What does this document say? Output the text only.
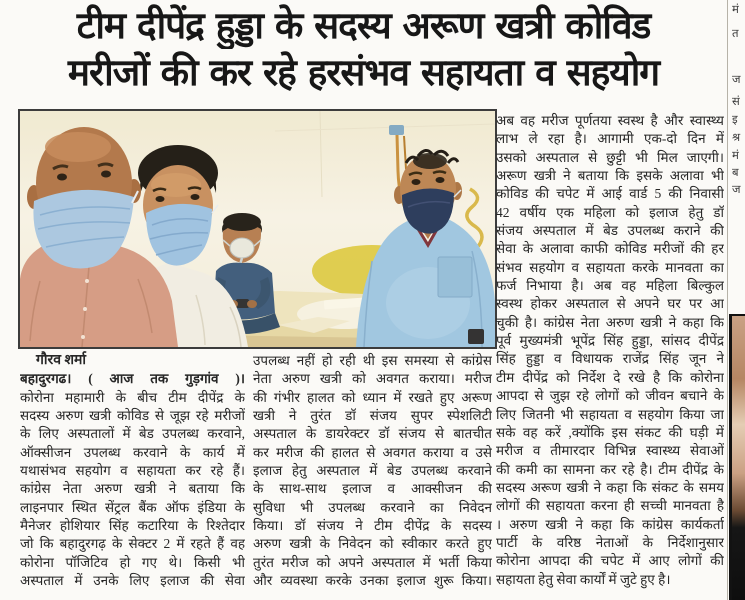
टीम दीपेंद्र हुड्डा के सदस्य अरूण खत्री कोविड
मरीजों की कर रहे हरसंभव सहायता व सहयोग
गौरव शर्मा
बहादुरगढ। ( आज तक गुड़गांव )।
कोरोना महामारी के बीच टीम दीपेंद्र के
सदस्य अरुण खत्री कोविड से जूझ रहे मरीजों
के लिए अस्पतालों में बेड उपलब्ध करवाने,
ऑक्सीजन उपलब्ध करवाने के कार्य में
यथासंभव सहयोग व सहायता कर रहे हैं।
कांग्रेस नेता अरुण खत्री ने बताया कि
लाइनपार स्थित सेंट्रल बैंक ऑफ इंडिया के
मैनेजर होशियार सिंह कटारिया के रिश्तेदार
जो कि बहादुरगढ़ के सेक्टर 2 में रहते हैं वह
कोरोना पॉजिटिव हो गए थे। किसी भी
अस्पताल में उनके लिए इलाज की सेवा
उपलब्ध नहीं हो रही थी इस समस्या से कांग्रेस
नेता अरुण खत्री को अवगत कराया। मरीज
की गंभीर हालत को ध्यान में रखते हुए अरूण
खत्री ने तुरंत डॉ संजय सुपर स्पेशलिटी
अस्पताल के डायरेक्टर डॉ संजय से बातचीत
कर मरीज की हालत से अवगत कराया व उसे
इलाज हेतु अस्पताल में बेड उपलब्ध करवाने
के साथ-साथ इलाज व आक्सीजन की
सुविधा भी उपलब्ध करवाने का निवेदन
किया। डॉ संजय ने टीम दीपेंद्र के सदस्य
अरुण खत्री के निवेदन को स्वीकार करते हुए
तुरंत मरीज को अपने अस्पताल में भर्ती किया
और व्यवस्था करके उनका इलाज शुरू किया।
अब वह मरीज पूर्णतया स्वस्थ है और स्वास्थ्य
लाभ ले रहा है। आगामी एक-दो दिन में
उसको अस्पताल से छुट्टी भी मिल जाएगी।
अरूण खत्री ने बताया कि इसके अलावा भी
कोविड की चपेट में आई वार्ड 5 की निवासी
42 वर्षीय एक महिला को इलाज हेतु डॉ
संजय अस्पताल में बेड उपलब्ध कराने की
सेवा के अलावा काफी कोविड मरीजों की हर
संभव सहयोग व सहायता करके मानवता का
फर्ज निभाया है। अब वह महिला बिल्कुल
स्वस्थ होकर अस्पताल से अपने घर पर आ
चुकी है। कांग्रेस नेता अरुण खत्री ने कहा कि
पूर्व मुख्यमंत्री भूपेंद्र सिंह हुड्डा, सांसद दीपेंद्र
सिंह हुड्डा व विधायक राजेंद्र सिंह जून ने
टीम दीपेंद्र को निर्देश दे रखे है कि कोरोना
आपदा से जुझ रहे लोगों को जीवन बचाने के
लिए जितनी भी सहायता व सहयोग किया जा
सके वह करें ,क्योंकि इस संकट की घड़ी में
मरीज व तीमारदार विभिन्न स्वास्थ्य सेवाओं
की कमी का सामना कर रहे है। टीम दीपेंद्र के
सदस्य अरूण खत्री ने कहा कि संकट के समय
लोगों की सहायता करना ही सच्ची मानवता है
। अरुण खत्री ने कहा कि कांग्रेस कार्यकर्ता
पार्टी के वरिष्ठ नेताओं के निर्देशानुसार
कोरोना आपदा की चपेट में आए लोगों की
सहायता हेतु सेवा कार्यों में जुटे हुए है।
मं
त
ज
सं
इ
श्र
मं
ब
ज
